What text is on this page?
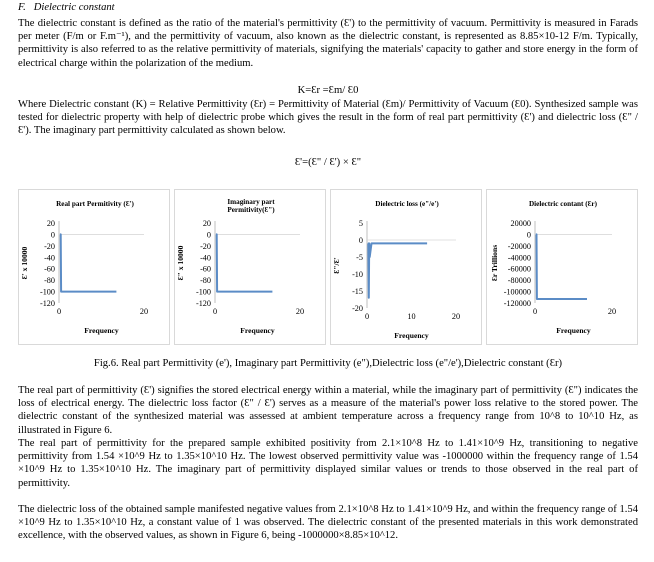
F. Dielectric constant
The dielectric constant is defined as the ratio of the material's permittivity (Ɛ') to the permittivity of vacuum. Permittivity is measured in Farads per meter (F/m or F.m⁻¹), and the permittivity of vacuum, also known as the dielectric constant, is represented as 8.85×10-12 F/m. Typically, permittivity is also referred to as the relative permittivity of materials, signifying the materials' capacity to gather and store energy in the form of electrical charge within the polarization of the medium.
K=Ɛr =Ɛm/ Ɛ0
Where Dielectric constant (K) = Relative Permittivity (Ɛr) = Permittivity of Material (Ɛm)/ Permittivity of Vacuum (Ɛ0). Synthesized sample was tested for dielectric property with help of dielectric probe which gives the result in the form of real part permittivity (Ɛ') and dielectric loss (Ɛ" / Ɛ'). The imaginary part permittivity calculated as shown below.
Ɛ'=(Ɛ" / Ɛ') × Ɛ"
Real part Permitivity (Ɛ')
20
0
-20
-40
-60
-80
-100
-120
0	20
Frequency
Ɛ' x 10000
Imaginary part
Permitivity(Ɛ")
20
0
-20
-40
-60
-80
-100
-120
0	20
Frequency
Ɛ" x 10000
Dielectric loss (e"/e')
5
0
-5
-10
-15
-20
0	10	20
Frequency
Ɛ"/Ɛ'
Dielectric contant (Ɛr)
20000
0
-20000
-40000
-60000
-80000
-100000
-120000
0	20
Frequency
Ɛr Trillions
Fig.6. Real part Permittivity (e'), Imaginary part Permittivity (e"),Dielectric loss (e"/e'),Dielectric constant (Ɛr)
The real part of permittivity (Ɛ') signifies the stored electrical energy within a material, while the imaginary part of permittivity (Ɛ") indicates the loss of electrical energy. The dielectric loss factor (Ɛ" / Ɛ') serves as a measure of the material's power loss relative to the stored power. The dielectric constant of the synthesized material was assessed at ambient temperature across a frequency range from 10^8 to 10^10 Hz, as illustrated in Figure 6.
The real part of permittivity for the prepared sample exhibited positivity from 2.1×10^8 Hz to 1.41×10^9 Hz, transitioning to negative permittivity from 1.54 ×10^9 Hz to 1.35×10^10 Hz. The lowest observed permittivity value was -1000000 within the frequency range of 1.54 ×10^9 Hz to 1.35×10^10 Hz. The imaginary part of permittivity displayed similar values or trends to those observed in the real part of permittivity.
The dielectric loss of the obtained sample manifested negative values from 2.1×10^8 Hz to 1.41×10^9 Hz, and within the frequency range of 1.54 ×10^9 Hz to 1.35×10^10 Hz, a constant value of 1 was observed. The dielectric constant of the presented materials in this work demonstrated excellence, with the observed values, as shown in Figure 6, being -1000000×8.85×10^12.
